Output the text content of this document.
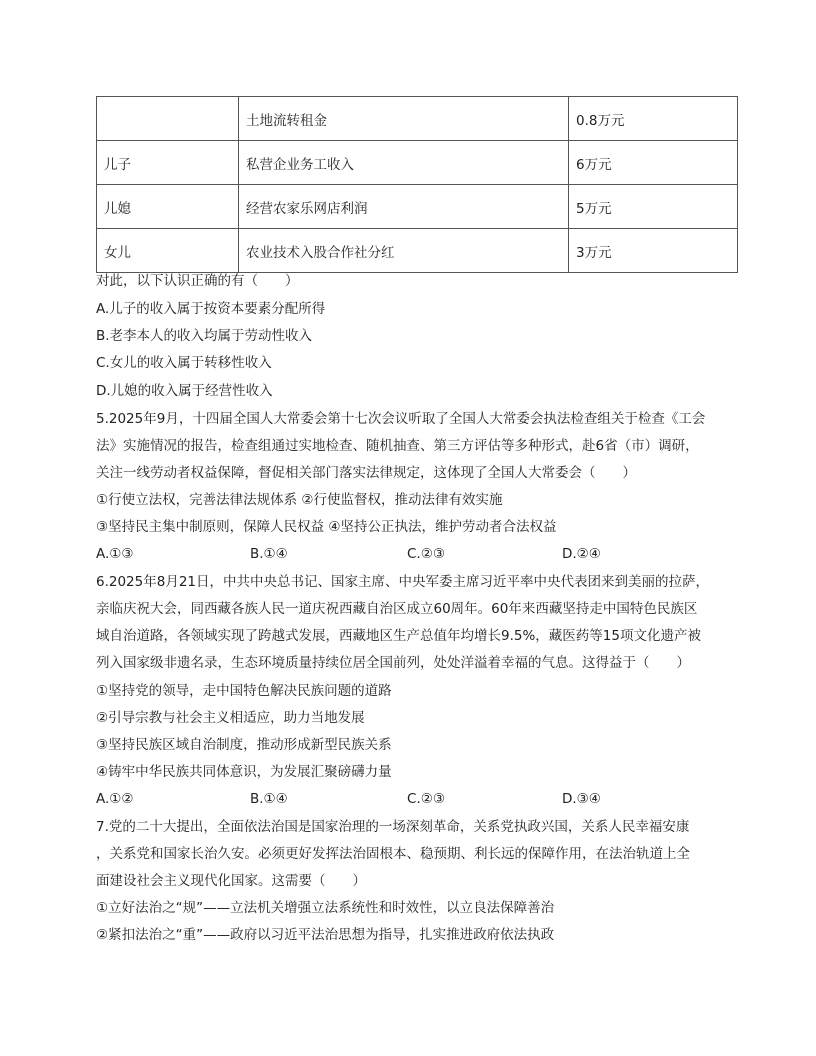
	土地流转租金	0.8万元
儿子	私营企业务工收入	6万元
儿媳	经营农家乐网店利润	5万元
女儿	农业技术入股合作社分红	3万元
对此，以下认识正确的有（　　）
A.儿子的收入属于按资本要素分配所得
B.老李本人的收入均属于劳动性收入
C.女儿的收入属于转移性收入
D.儿媳的收入属于经营性收入
5.2025年9月，十四届全国人大常委会第十七次会议听取了全国人大常委会执法检查组关于检查《工会
法》实施情况的报告，检查组通过实地检查、随机抽查、第三方评估等多种形式，赴6省（市）调研，
关注一线劳动者权益保障，督促相关部门落实法律规定，这体现了全国人大常委会（　　）
①行使立法权，完善法律法规体系 ②行使监督权，推动法律有效实施
③坚持民主集中制原则，保障人民权益 ④坚持公正执法，维护劳动者合法权益
A.①③	B.①④	C.②③	D.②④
6.2025年8月21日，中共中央总书记、国家主席、中央军委主席习近平率中央代表团来到美丽的拉萨，
亲临庆祝大会，同西藏各族人民一道庆祝西藏自治区成立60周年。60年来西藏坚持走中国特色民族区
域自治道路，各领域实现了跨越式发展，西藏地区生产总值年均增长9.5%，藏医药等15项文化遗产被
列入国家级非遗名录，生态环境质量持续位居全国前列，处处洋溢着幸福的气息。这得益于（　　）
①坚持党的领导，走中国特色解决民族问题的道路
②引导宗教与社会主义相适应，助力当地发展
③坚持民族区域自治制度，推动形成新型民族关系
④铸牢中华民族共同体意识，为发展汇聚磅礴力量
A.①②	B.①④	C.②③	D.③④
7.党的二十大提出，全面依法治国是国家治理的一场深刻革命，关系党执政兴国，关系人民幸福安康
，关系党和国家长治久安。必须更好发挥法治固根本、稳预期、利长远的保障作用，在法治轨道上全
面建设社会主义现代化国家。这需要（　　）
①立好法治之“规”——立法机关增强立法系统性和时效性，以立良法保障善治
②紧扣法治之“重”——政府以习近平法治思想为指导，扎实推进政府依法执政
